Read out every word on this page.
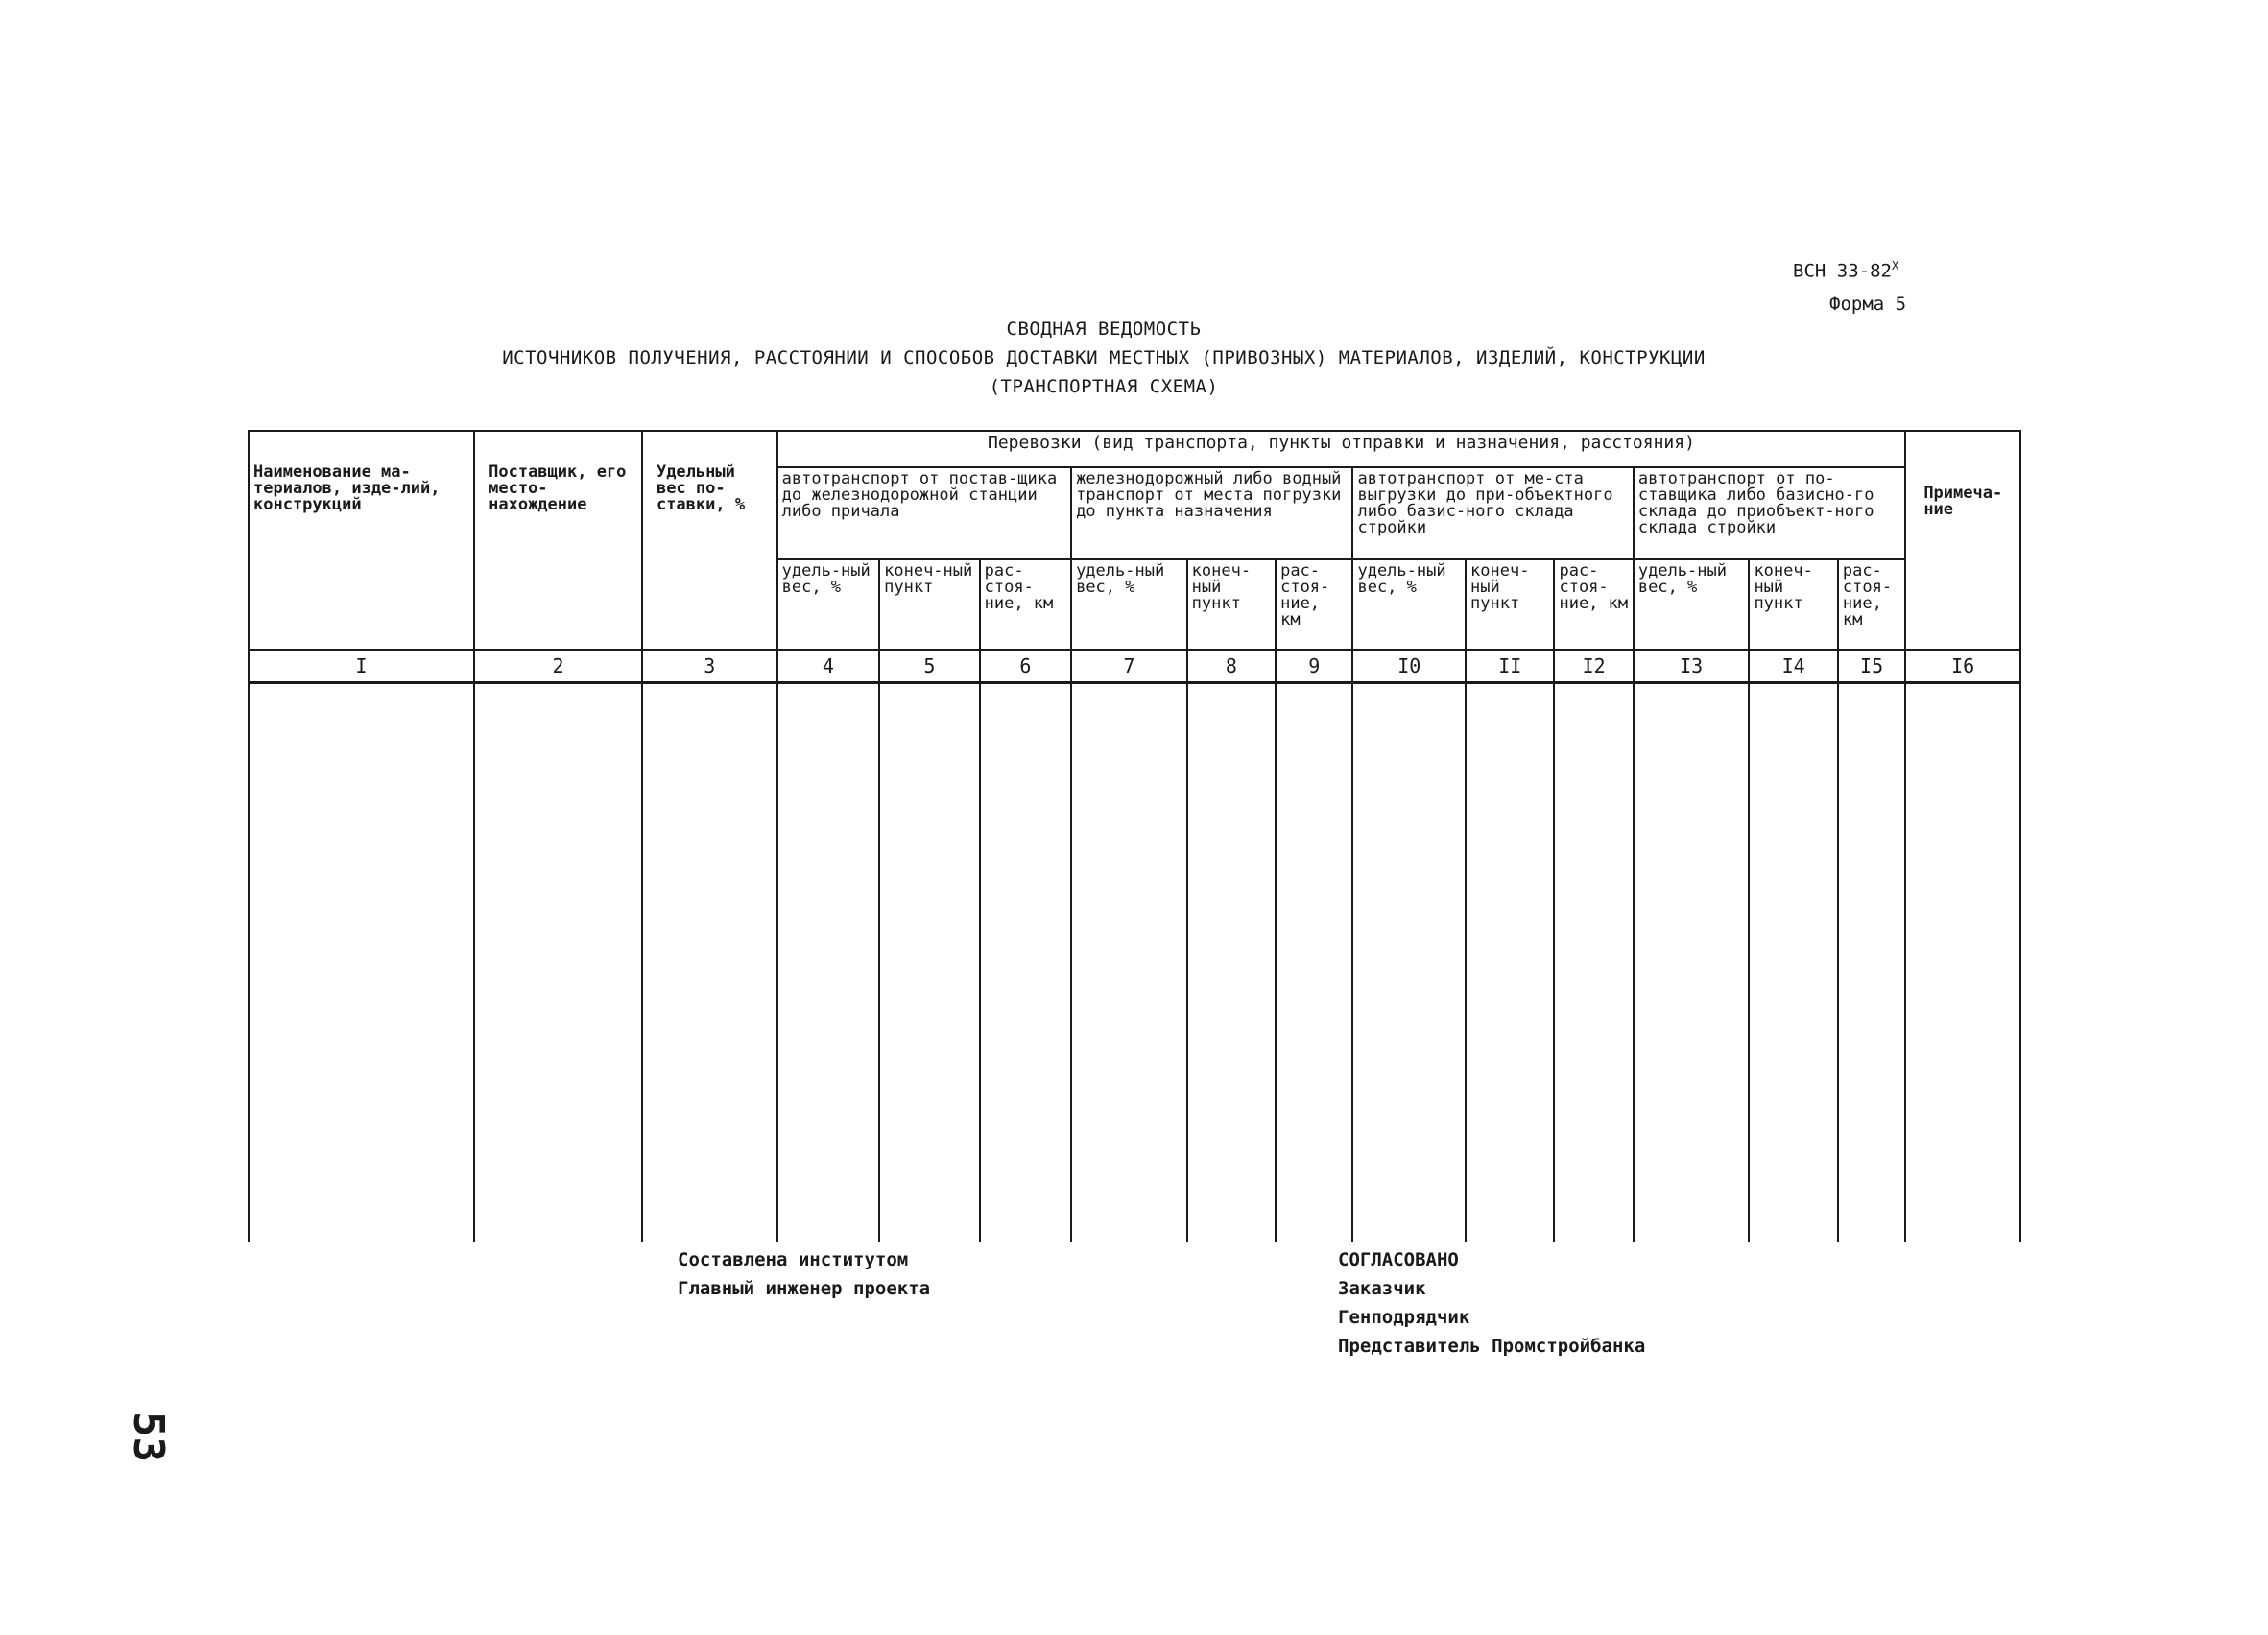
ВСН $33-82^Х$
Форма 5
СВОДНАЯ ВЕДОМОСТЬ
ИСТОЧНИКОВ ПОЛУЧЕНИЯ, РАССТОЯНИИ И СПОСОБОВ ДОСТАВКИ МЕСТНЫХ (ПРИВОЗНЫХ) МАТЕРИАЛОВ, ИЗДЕЛИЙ, КОНСТРУКЦИИ
(ТРАНСПОРТНАЯ СХЕМА)
Наименование ма-териалов, изде-лий, конструкций	Поставщик, его место-нахождение	Удельный вес по-ставки, %	Перевозки (вид транспорта, пункты отправки и назначения, расстояния)												Примеча-ние
			автотранспорт от постав-щика до железнодорожной станции либо причала			железнодорожный либо водный транспорт от места погрузки до пункта назначения			автотранспорт от ме-ста выгрузки до при-объектного либо базис-ного склада стройки			автотранспорт от по-ставщика либо базисно-го склада до приобъект-ного склада стройки			
			удель-ный вес, %	конеч-ный пункт	рас-стоя-ние, км	удель-ный вес, %	конеч-ный пункт	рас-стоя-ние, км	удель-ный вес, %	конеч-ный пункт	рас-стоя-ние, км	удель-ный вес, %	конеч-ный пункт	рас-стоя-ние, км	
I	2	3	4	5	6	7	8	9	I0	II	I2	I3	I4	I5	I6

Составлена институтом
Главный инженер проекта
СОГЛАСОВАНО
Заказчик
Генподрядчик
Представитель Промстройбанка
53
